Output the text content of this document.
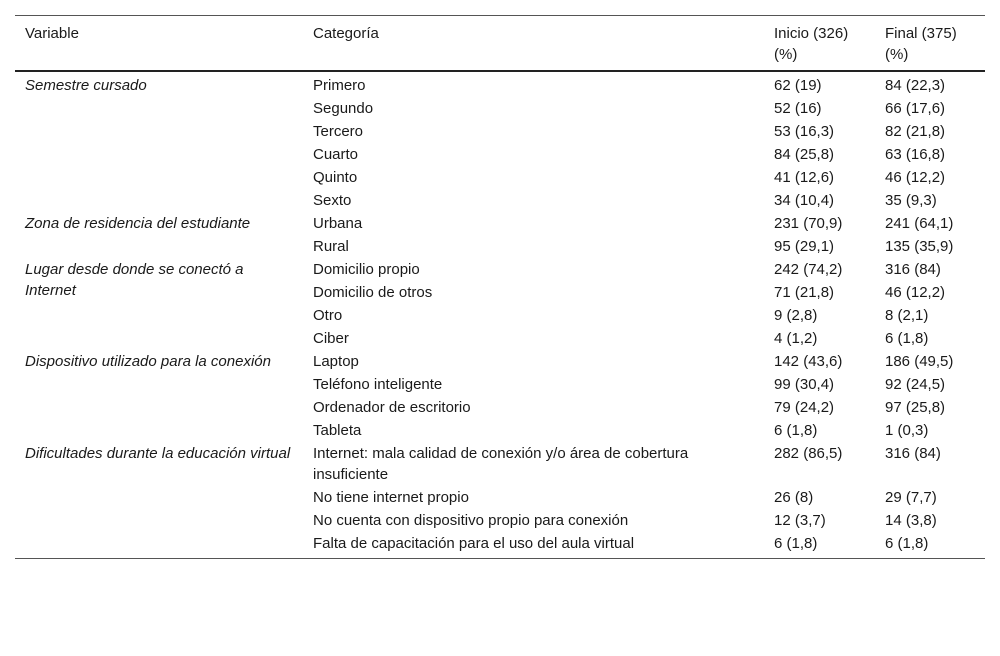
Variable	Categoría	Inicio (326) (%)	Final (375) (%)
Semestre cursado	Primero	62 (19)	84 (22,3)
	Segundo	52 (16)	66 (17,6)
	Tercero	53 (16,3)	82 (21,8)
	Cuarto	84 (25,8)	63 (16,8)
	Quinto	41 (12,6)	46 (12,2)
	Sexto	34 (10,4)	35 (9,3)
Zona de residencia del estudiante	Urbana	231 (70,9)	241 (64,1)
	Rural	95 (29,1)	135 (35,9)
Lugar desde donde se conectó a Internet	Domicilio propio	242 (74,2)	316 (84)
	Domicilio de otros	71 (21,8)	46 (12,2)
	Otro	9 (2,8)	8 (2,1)
	Ciber	4 (1,2)	6 (1,8)
Dispositivo utilizado para la conexión	Laptop	142 (43,6)	186 (49,5)
	Teléfono inteligente	99 (30,4)	92 (24,5)
	Ordenador de escritorio	79 (24,2)	97 (25,8)
	Tableta	6 (1,8)	1 (0,3)
Dificultades durante la educación virtual	Internet: mala calidad de conexión y/o área de cobertura insuficiente	282 (86,5)	316 (84)
	No tiene internet propio	26 (8)	29 (7,7)
	No cuenta con dispositivo propio para conexión	12 (3,7)	14 (3,8)
	Falta de capacitación para el uso del aula virtual	6 (1,8)	6 (1,8)
